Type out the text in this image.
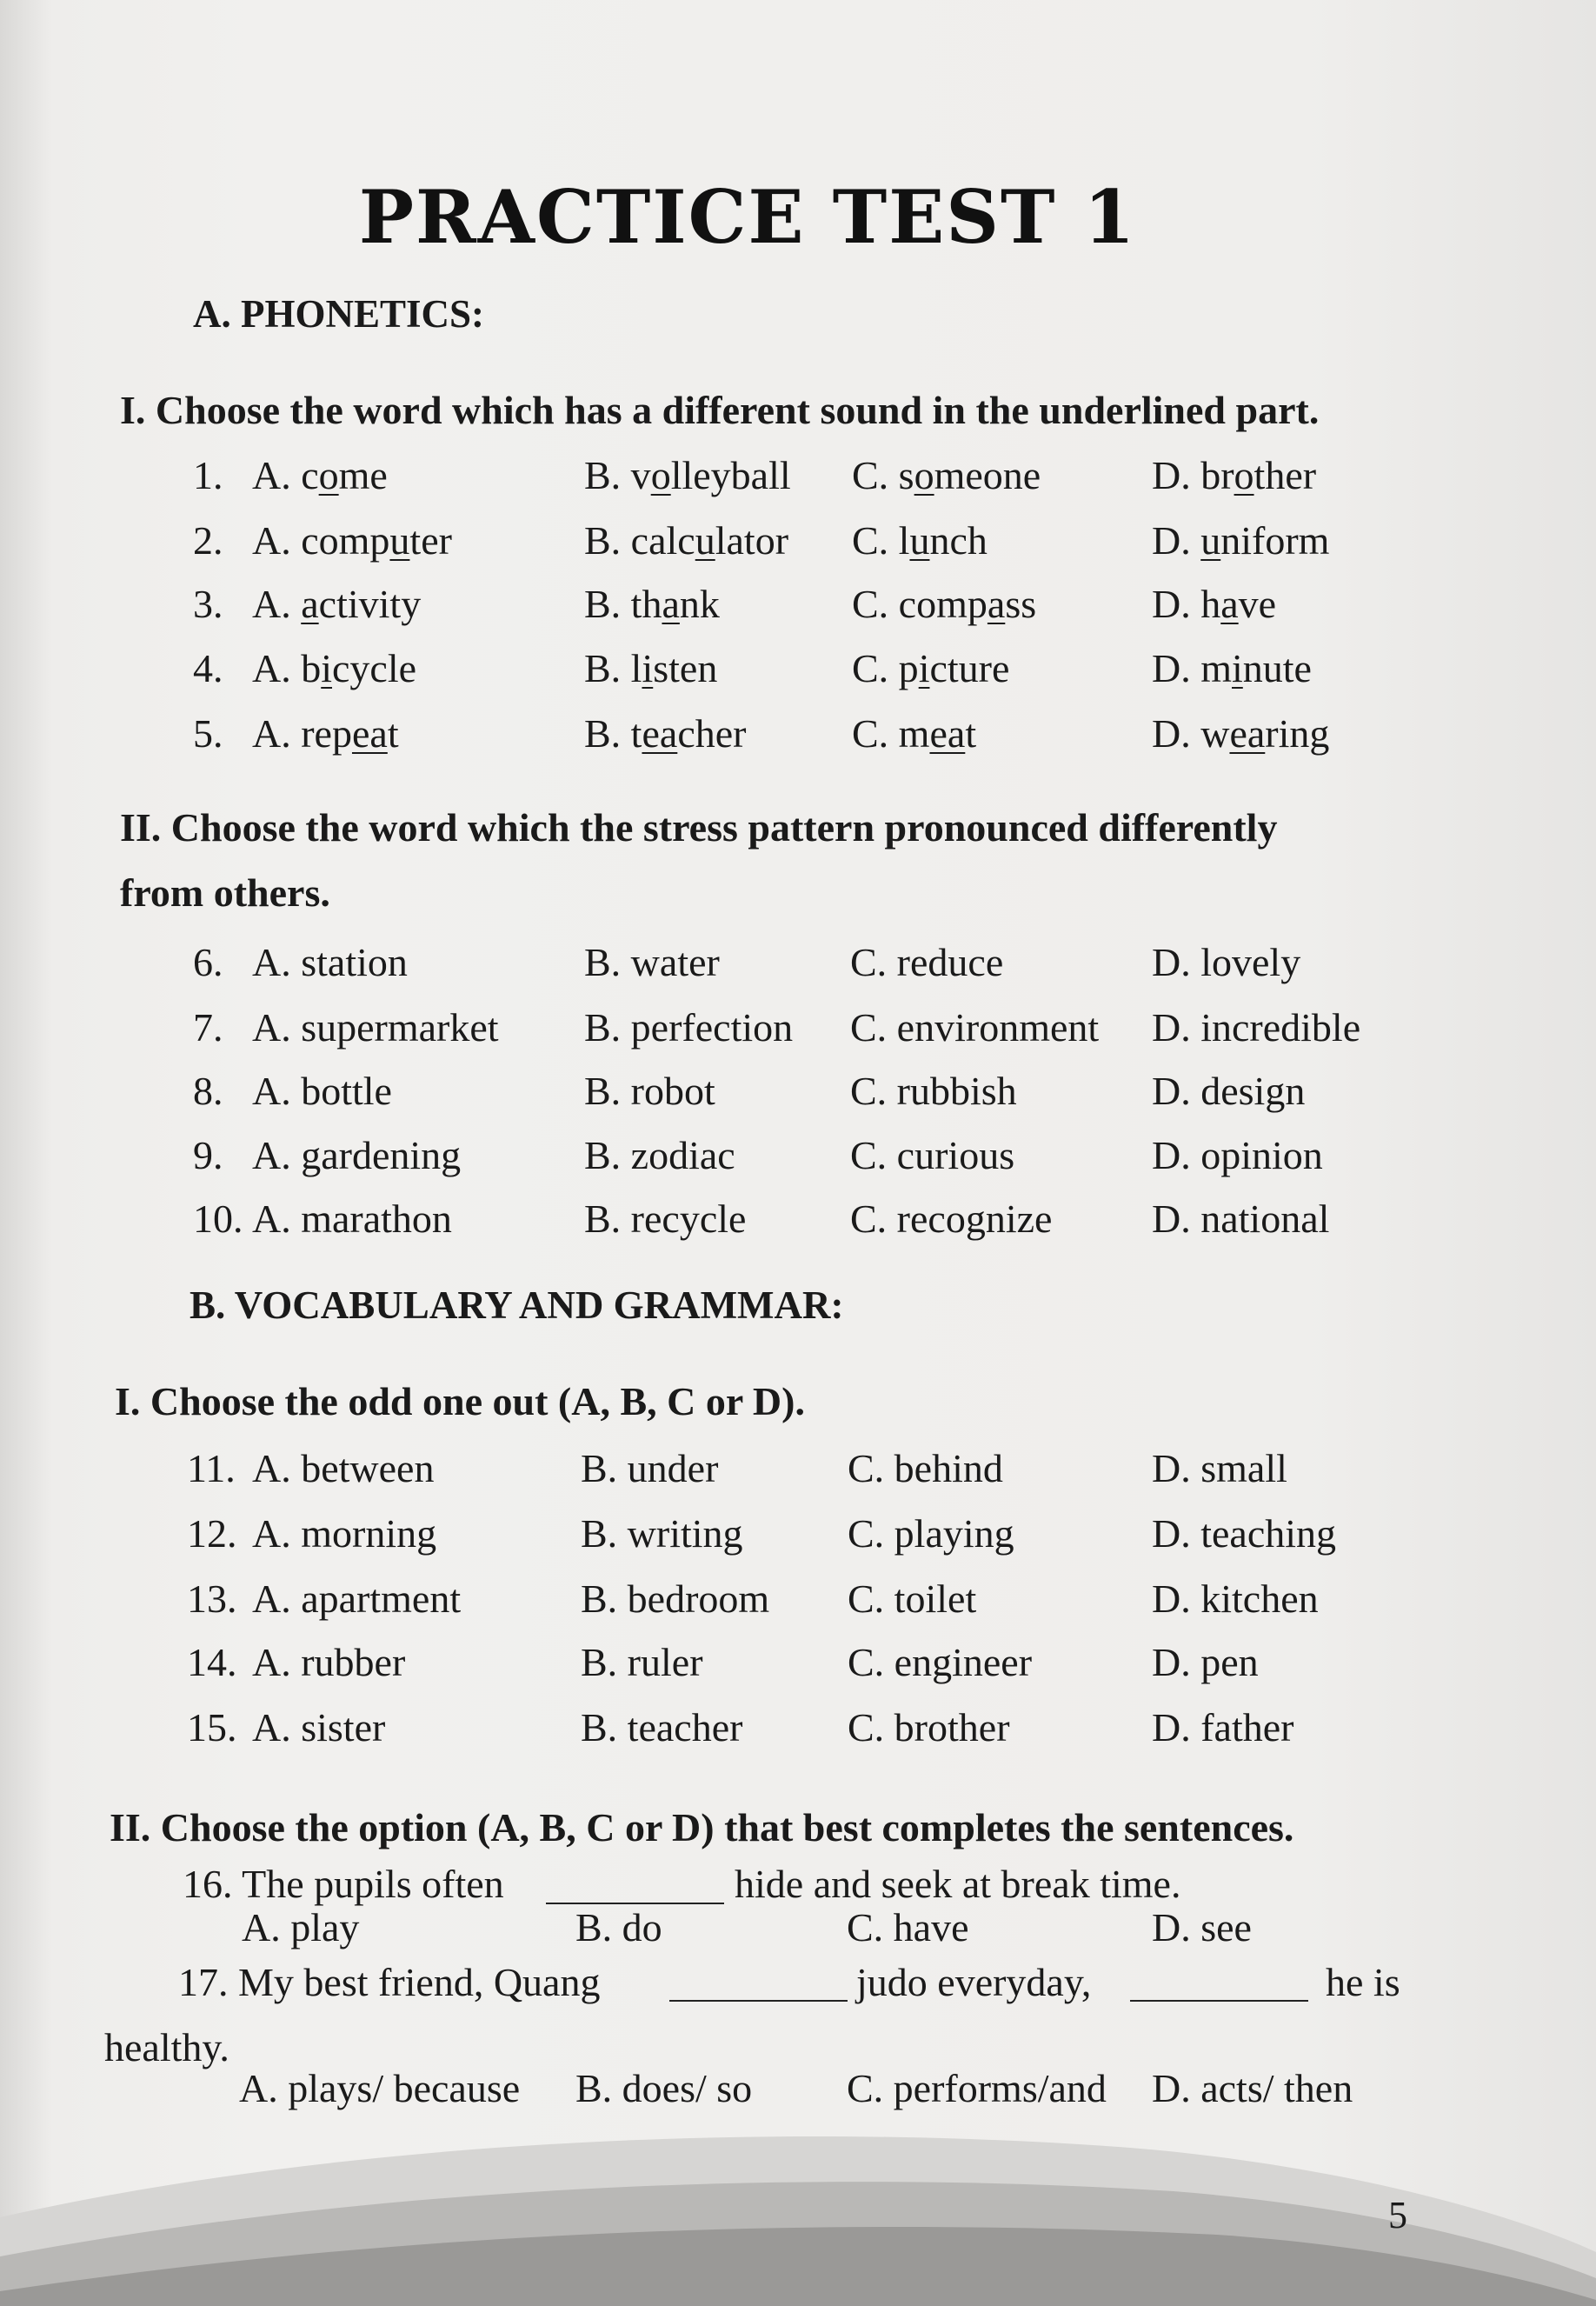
PRACTICE TEST 1
A. PHONETICS:
I. Choose the word which has a different sound in the underlined part.
1. A. come	B. volleyball C. someone	D. brother
2. A. computer	B. calculator C. lunch	D. uniform
3. A. activity	B. thank	C. compass	D. have
4. A. bicycle	B. listen	C. picture	D. minute
5. A. repeat	B. teacher	C. meat	D. wearing
II. Choose the word which the stress pattern pronounced differently
from others.
6. A. station	B. water	C. reduce	D. lovely
7. A. supermarket B. perfection C. environment D. incredible
8. A. bottle	B. robot	C. rubbish	D. design
9. A. gardening	B. zodiac	C. curious	D. opinion
10. A. marathon	B. recycle	C. recognize D. national
B. VOCABULARY AND GRAMMAR:
I. Choose the odd one out (A, B, C or D).
11. A. between	B. under	C. behind	D. small
12. A. morning	B. writing	C. playing	D. teaching
13. A. apartment	B. bedroom C. toilet	D. kitchen
14. A. rubber	B. ruler	C. engineer	D. pen
15. A. sister	B. teacher	C. brother	D. father
II. Choose the option (A, B, C or D) that best completes the sentences.
16. The pupils often	hide and seek at break time.
A. play	B. do	C. have	D. see
17. My best friend, Quang	judo everyday,	he is
healthy.
A. plays/ because B. does/ so C. performs/and D. acts/ then
5
